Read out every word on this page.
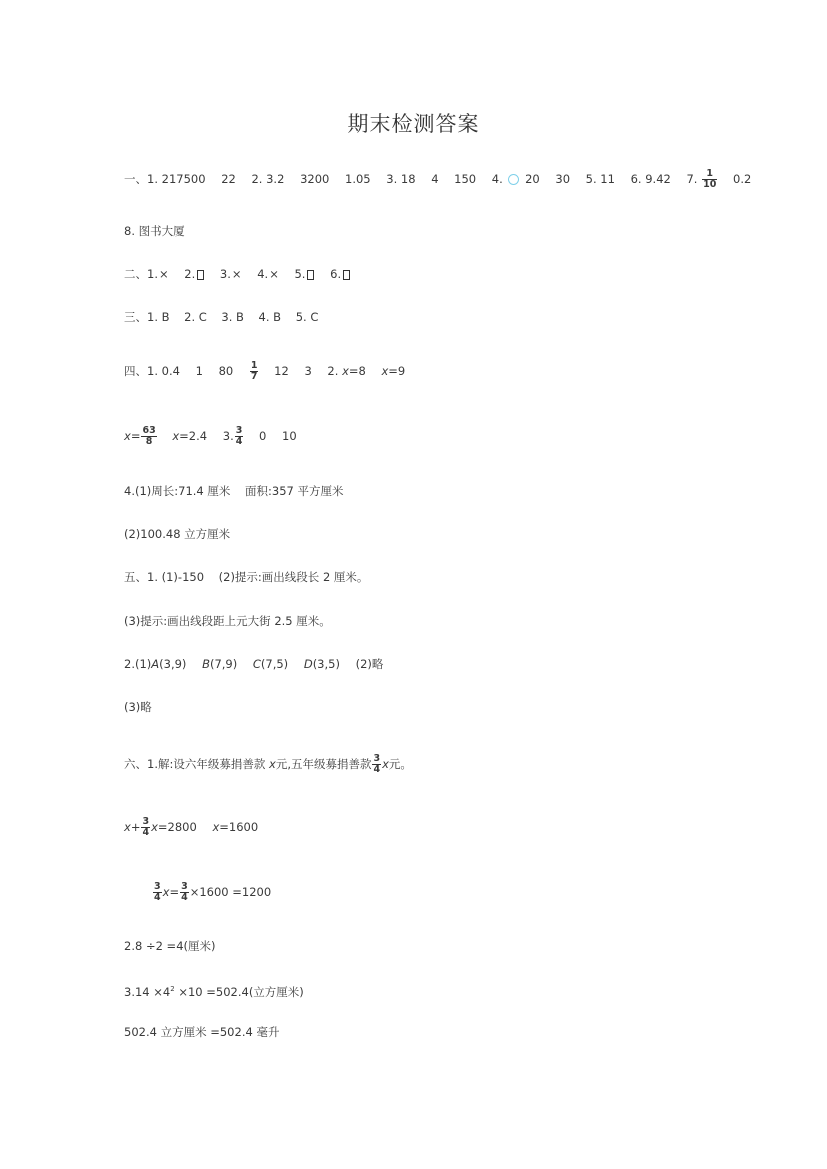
期末检测答案
一、1. 217500 22 2. 3.2 3200 1.05 3. 18 4 150 4. 20 30 5. 11 6. 9.42 7. $\frac{1}{10} 0.2$
8. 图书大厦
二、1.× 2. 3.× 4.× 5. 6.
三、1. B    2. C    3. B    4. B    5. C
四、1. 0.4 1 $80 \frac{1}{7} 12$ 3 2. x=8 x=9
$x= \frac{63}{8} x=2.4$ 3. $\frac{3}{4} 0$ 10
4.(1)周长:71.4 厘米    面积:357 平方厘米
(2)100.48 立方厘米
五、1. (1)-150    (2)提示:画出线段长 2 厘米。
(3)提示:画出线段距上元大街 2.5 厘米。
2.(1)A(3,9) B(7,9) C(7,5) D(3,5) (2)略
(3)略
六、1.解:设六年级募捐善款 x元,五年级募捐善款 $\frac{3}{4}$ x元。
$x+ \frac{3}{4} x=2800$ x=1600
$\frac{3}{4} x= \frac{3}{4} \times 1600 =1200$
2.8 ÷2 =4(厘米)
$3.14 \times 4^2 \times 10 =502.4$(立方厘米)
502.4 立方厘米 =502.4 毫升
